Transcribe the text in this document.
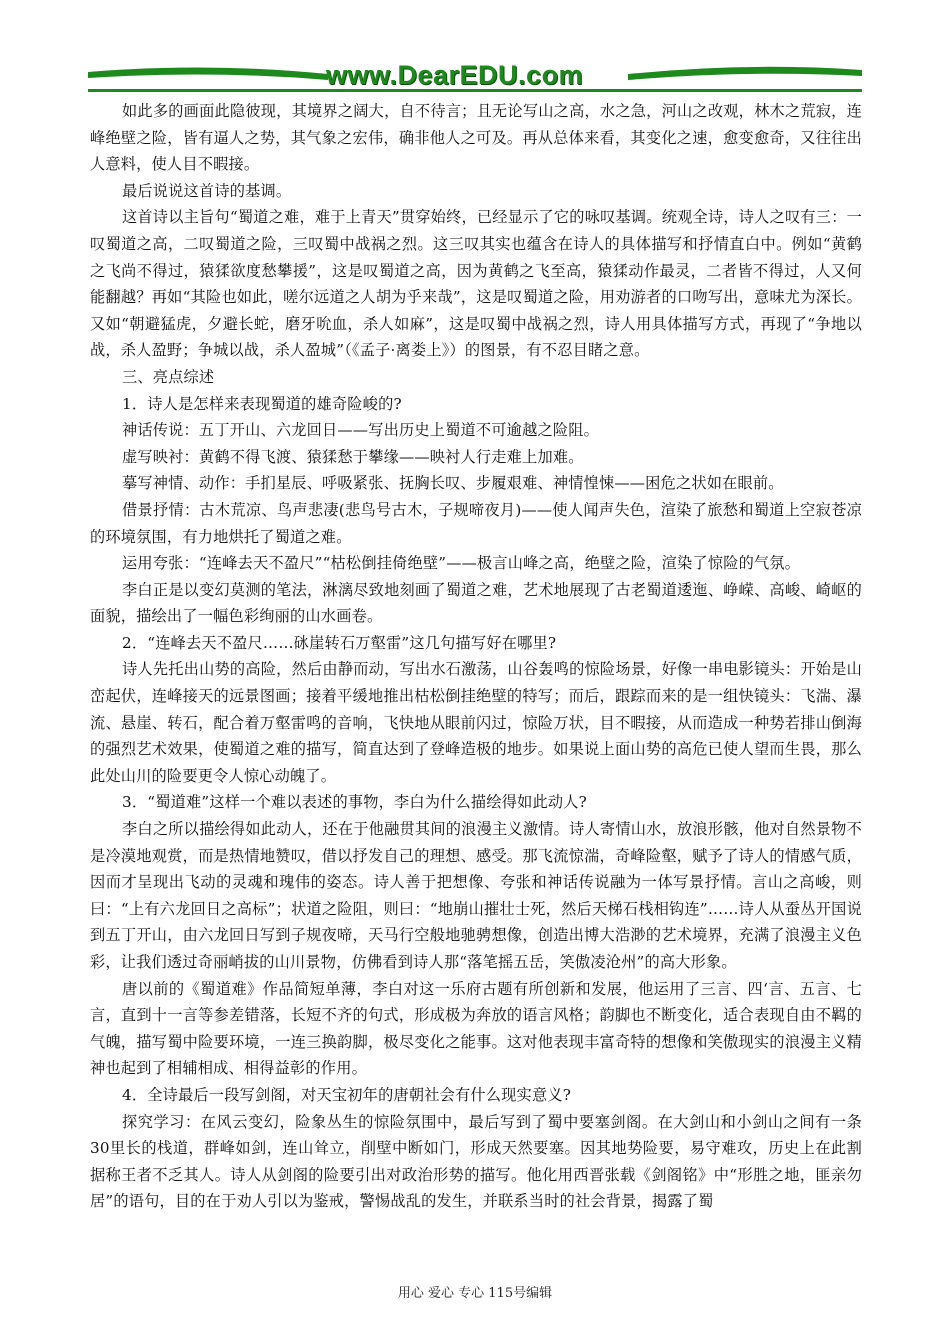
www.DearEDU.com

如此多的画面此隐彼现，其境界之阔大，自不待言；且无论写山之高，水之急，河山之改观，林木之荒寂，连峰绝壁之险，皆有逼人之势，其气象之宏伟，确非他人之可及。再从总体来看，其变化之速，愈变愈奇，又往往出人意料，使人目不暇接。

最后说说这首诗的基调。

这首诗以主旨句“蜀道之难，难于上青天”贯穿始终，已经显示了它的咏叹基调。统观全诗，诗人之叹有三：一叹蜀道之高，二叹蜀道之险，三叹蜀中战祸之烈。这三叹其实也蕴含在诗人的具体描写和抒情直白中。例如“黄鹤之飞尚不得过，猿猱欲度愁攀援”，这是叹蜀道之高，因为黄鹤之飞至高，猿猱动作最灵，二者皆不得过，人又何能翻越？再如“其险也如此，嗟尔远道之人胡为乎来哉”，这是叹蜀道之险，用劝游者的口吻写出，意味尤为深长。又如“朝避猛虎，夕避长蛇，磨牙吮血，杀人如麻”，这是叹蜀中战祸之烈，诗人用具体描写方式，再现了“争地以战，杀人盈野；争城以战，杀人盈城”（《孟子·离娄上》）的图景，有不忍目睹之意。

三、亮点综述

1．诗人是怎样来表现蜀道的雄奇险峻的?

神话传说：五丁开山、六龙回日——写出历史上蜀道不可逾越之险阻。

虚写映衬：黄鹤不得飞渡、猿猱愁于攀缘——映衬人行走难上加难。

摹写神情、动作：手扪星辰、呼吸紧张、抚胸长叹、步履艰难、神情惶悚——困危之状如在眼前。

借景抒情：古木荒凉、鸟声悲凄(悲鸟号古木，子规啼夜月)——使人闻声失色，渲染了旅愁和蜀道上空寂苍凉的环境氛围，有力地烘托了蜀道之难。

运用夸张：“连峰去天不盈尺”“枯松倒挂倚绝壁”——极言山峰之高，绝壁之险，渲染了惊险的气氛。

李白正是以变幻莫测的笔法，淋漓尽致地刻画了蜀道之难，艺术地展现了古老蜀道逶迤、峥嵘、高峻、崎岖的面貌，描绘出了一幅色彩绚丽的山水画卷。

2．“连峰去天不盈尺……砯崖转石万壑雷”这几句描写好在哪里?

诗人先托出山势的高险，然后由静而动，写出水石激荡，山谷轰鸣的惊险场景，好像一串电影镜头：开始是山峦起伏，连峰接天的远景图画；接着平缓地推出枯松倒挂绝壁的特写；而后，跟踪而来的是一组快镜头：飞湍、瀑流、悬崖、转石，配合着万壑雷鸣的音响，飞快地从眼前闪过，惊险万状，目不暇接，从而造成一种势若排山倒海的强烈艺术效果，使蜀道之难的描写，简直达到了登峰造极的地步。如果说上面山势的高危已使人望而生畏，那么此处山川的险要更令人惊心动魄了。

3．“蜀道难”这样一个难以表述的事物，李白为什么描绘得如此动人?

李白之所以描绘得如此动人，还在于他融贯其间的浪漫主义激情。诗人寄情山水，放浪形骸，他对自然景物不是冷漠地观赏，而是热情地赞叹，借以抒发自己的理想、感受。那飞流惊湍，奇峰险壑，赋予了诗人的情感气质，因而才呈现出飞动的灵魂和瑰伟的姿态。诗人善于把想像、夸张和神话传说融为一体写景抒情。言山之高峻，则曰：“上有六龙回日之高标”；状道之险阻，则曰：“地崩山摧壮士死，然后天梯石栈相钩连”……诗人从蚕丛开国说到五丁开山，由六龙回日写到子规夜啼，天马行空般地驰骋想像，创造出博大浩渺的艺术境界，充满了浪漫主义色彩，让我们透过奇丽峭拔的山川景物，仿佛看到诗人那“落笔摇五岳，笑傲凌沧州”的高大形象。

唐以前的《蜀道难》作品简短单薄，李白对这一乐府古题有所创新和发展，他运用了三言、四‘言、五言、七言，直到十一言等参差错落，长短不齐的句式，形成极为奔放的语言风格；韵脚也不断变化，适合表现自由不羁的气魄，描写蜀中险要环境，一连三换韵脚，极尽变化之能事。这对他表现丰富奇特的想像和笑傲现实的浪漫主义精神也起到了相辅相成、相得益彰的作用。

4．全诗最后一段写剑阁，对天宝初年的唐朝社会有什么现实意义?

探究学习：在风云变幻，险象丛生的惊险氛围中，最后写到了蜀中要塞剑阁。在大剑山和小剑山之间有一条30里长的栈道，群峰如剑，连山耸立，削壁中断如门，形成天然要塞。因其地势险要，易守难攻，历史上在此割据称王者不乏其人。诗人从剑阁的险要引出对政治形势的描写。他化用西晋张载《剑阁铭》中“形胜之地，匪亲勿居”的语句，目的在于劝人引以为鉴戒，警惕战乱的发生，并联系当时的社会背景，揭露了蜀

用心 爱心 专心 115号编辑
